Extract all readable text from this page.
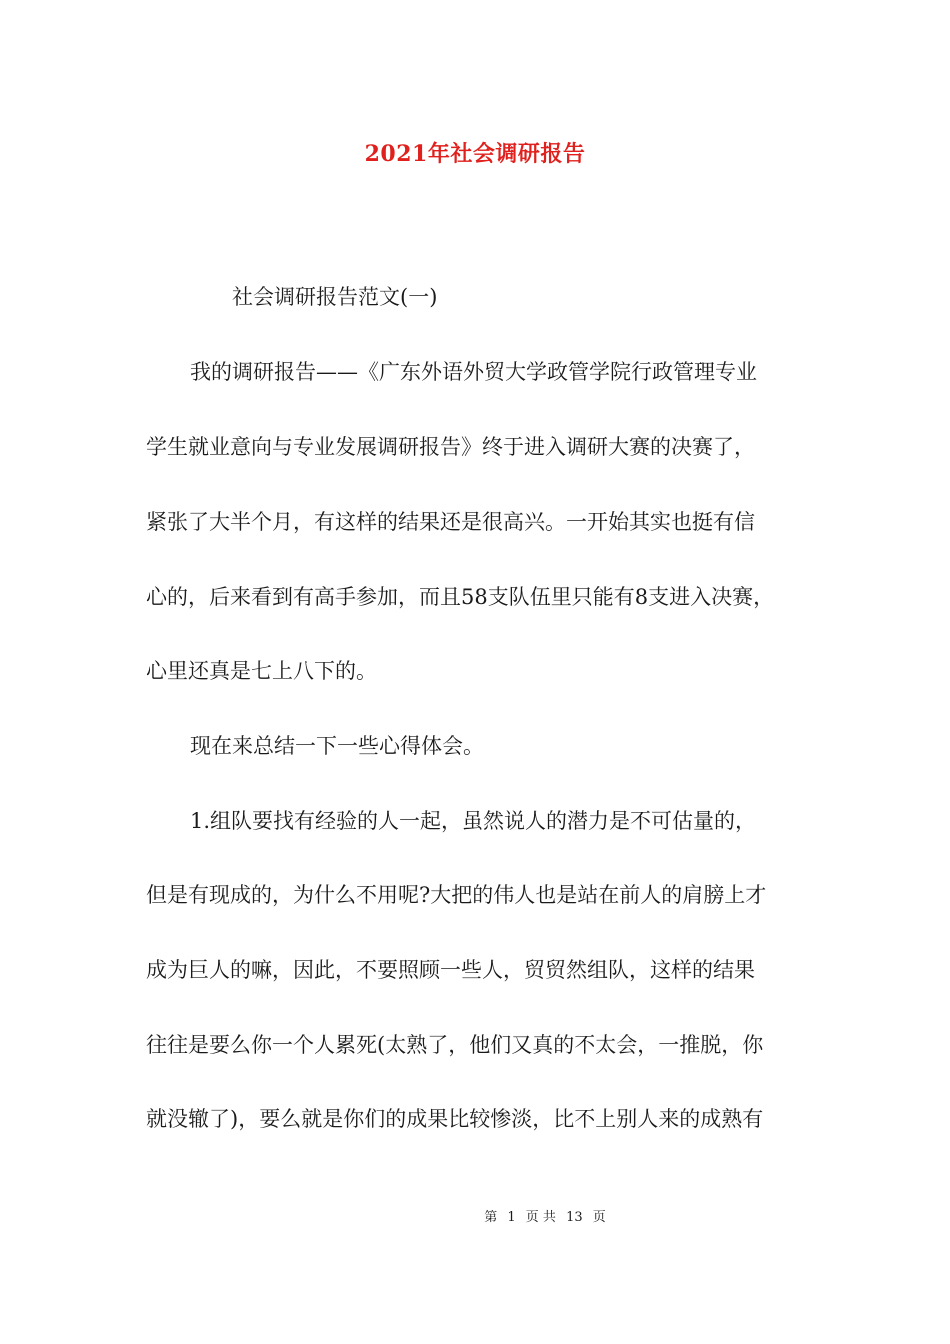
2021年社会调研报告

社会调研报告范文(一)

我的调研报告——《广东外语外贸大学政管学院行政管理专业

学生就业意向与专业发展调研报告》终于进入调研大赛的决赛了，

紧张了大半个月，有这样的结果还是很高兴。一开始其实也挺有信

心的，后来看到有高手参加，而且58支队伍里只能有8支进入决赛，

心里还真是七上八下的。

现在来总结一下一些心得体会。

1.组队要找有经验的人一起，虽然说人的潜力是不可估量的，

但是有现成的，为什么不用呢?大把的伟人也是站在前人的肩膀上才

成为巨人的嘛，因此，不要照顾一些人，贸贸然组队，这样的结果

往往是要么你一个人累死(太熟了，他们又真的不太会，一推脱，你

就没辙了)，要么就是你们的成果比较惨淡，比不上别人来的成熟有

第 1 页 共 13 页
